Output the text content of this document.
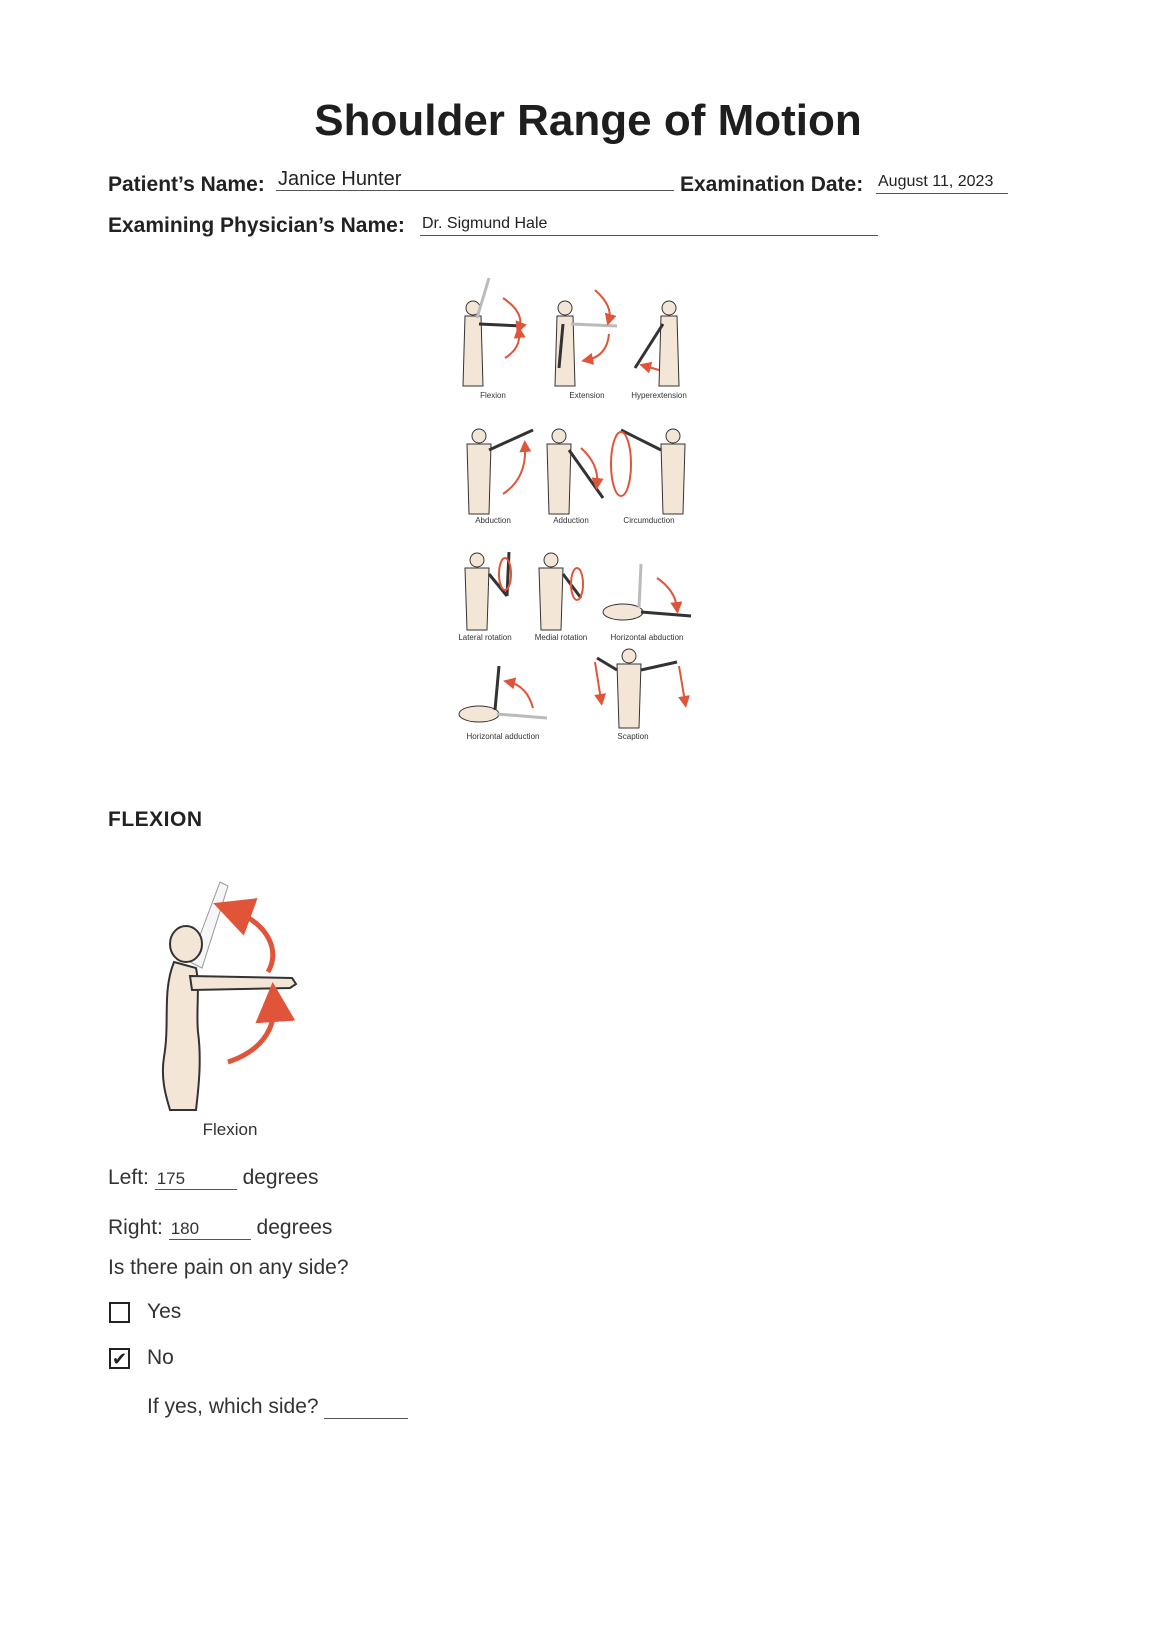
Shoulder Range of Motion
Patient’s Name: Janice Hunter	Examination Date: August 11, 2023
Examining Physician’s Name: Dr. Sigmund Hale
Flexion	Extension	Hyperextension
Abduction	Adduction	Circumduction
Lateral rotation	Medial rotation	Horizontal abduction
Horizontal adduction	Scaption
FLEXION
Flexion
Left: 175	degrees
Right: 180	degrees
Is there pain on any side?
Yes
✔ No
If yes, which side?
